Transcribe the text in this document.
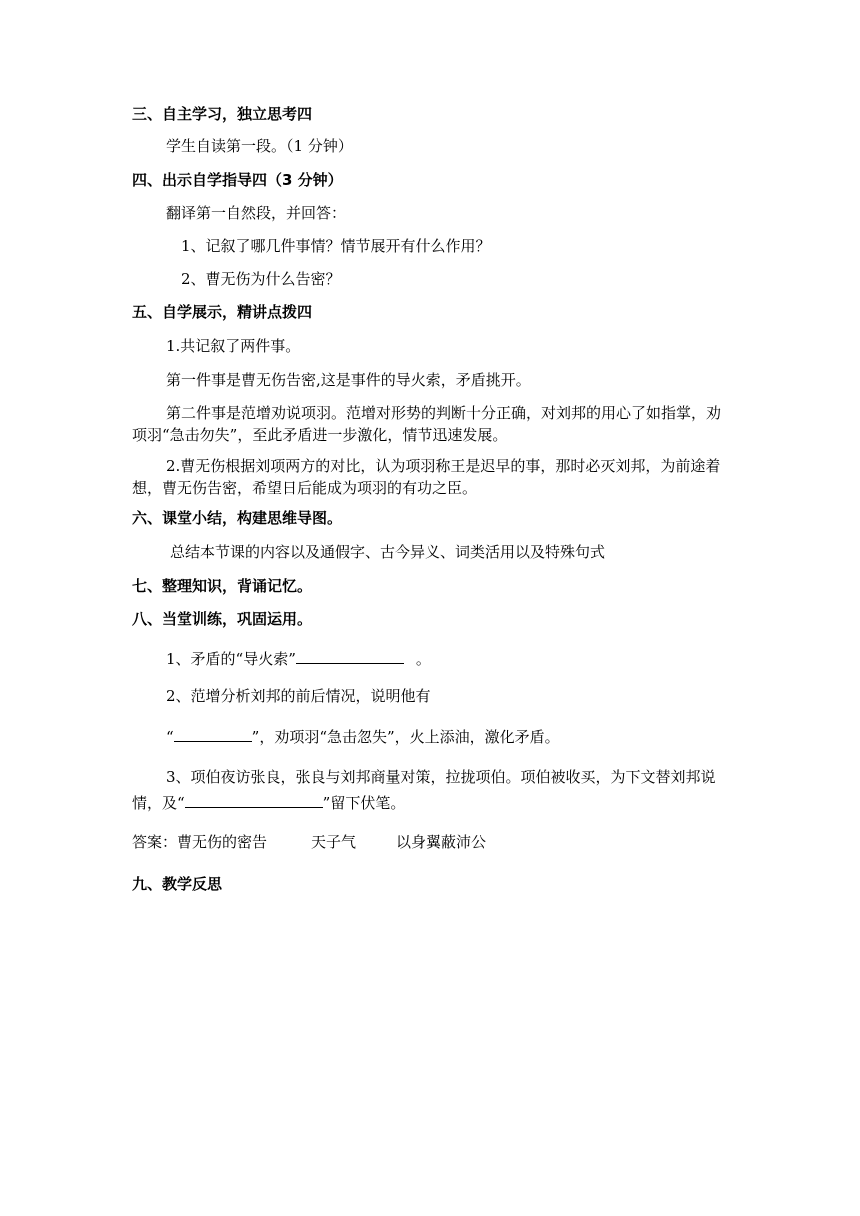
三、自主学习，独立思考四
学生自读第一段。（1 分钟）
四、出示自学指导四（3 分钟）
翻译第一自然段，并回答：
1、记叙了哪几件事情？情节展开有什么作用？
2、曹无伤为什么告密？
五、自学展示，精讲点拨四
1.共记叙了两件事。
第一件事是曹无伤告密,这是事件的导火索，矛盾挑开。
第二件事是范增劝说项羽。范增对形势的判断十分正确，对刘邦的用心了如指掌，劝项羽“急击勿失”，至此矛盾进一步激化，情节迅速发展。
2.曹无伤根据刘项两方的对比，认为项羽称王是迟早的事，那时必灭刘邦，为前途着想，曹无伤告密，希望日后能成为项羽的有功之臣。
六、课堂小结，构建思维导图。
总结本节课的内容以及通假字、古今异义、词类活用以及特殊句式
七、整理知识，背诵记忆。
八、当堂训练，巩固运用。
1、矛盾的“导火索”	。
2、范增分析刘邦的前后情况，说明他有
“	”，劝项羽“急击忽失”，火上添油，激化矛盾。
3、项伯夜访张良，张良与刘邦商量对策，拉拢项伯。项伯被收买，为下文替刘邦说情，及“	”留下伏笔。
答案：曹无伤的密告	天子气	以身翼蔽沛公
九、教学反思
